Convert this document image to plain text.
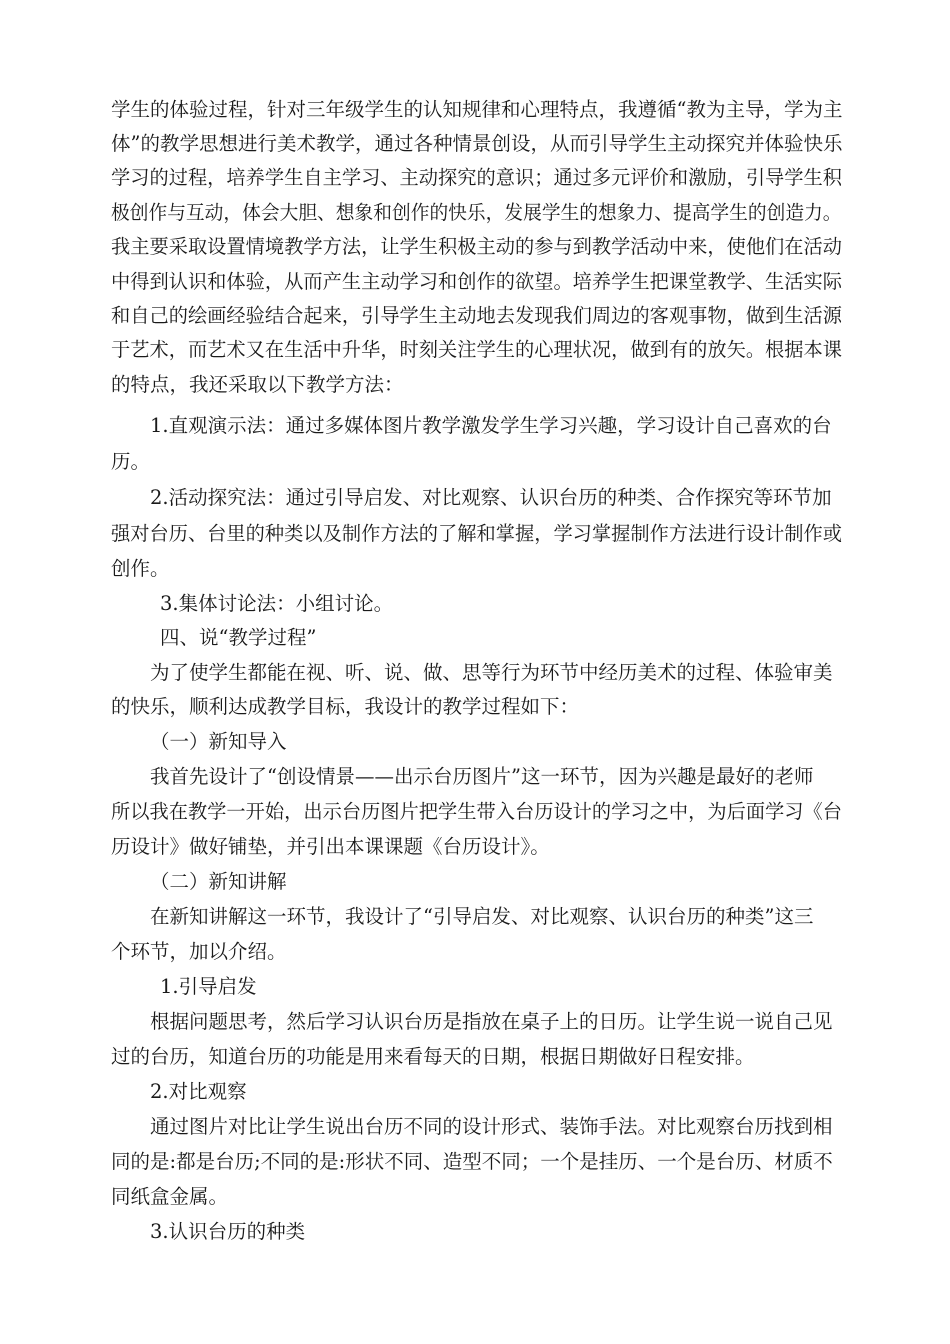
学生的体验过程，针对三年级学生的认知规律和心理特点，我遵循“教为主导，学为主

体”的教学思想进行美术教学，通过各种情景创设，从而引导学生主动探究并体验快乐

学习的过程，培养学生自主学习、主动探究的意识；通过多元评价和激励，引导学生积

极创作与互动，体会大胆、想象和创作的快乐，发展学生的想象力、提高学生的创造力。

我主要采取设置情境教学方法，让学生积极主动的参与到教学活动中来，使他们在活动

中得到认识和体验，从而产生主动学习和创作的欲望。培养学生把课堂教学、生活实际

和自己的绘画经验结合起来，引导学生主动地去发现我们周边的客观事物，做到生活源

于艺术，而艺术又在生活中升华，时刻关注学生的心理状况，做到有的放矢。根据本课

的特点，我还采取以下教学方法：

1.直观演示法：通过多媒体图片教学激发学生学习兴趣，学习设计自己喜欢的台

历。

2.活动探究法：通过引导启发、对比观察、认识台历的种类、合作探究等环节加

强对台历、台里的种类以及制作方法的了解和掌握，学习掌握制作方法进行设计制作或

创作。

3.集体讨论法：小组讨论。

四、说“教学过程”

为了使学生都能在视、听、说、做、思等行为环节中经历美术的过程、体验审美

的快乐，顺利达成教学目标，我设计的教学过程如下：

（一）新知导入

我首先设计了“创设情景——出示台历图片”这一环节，因为兴趣是最好的老师

所以我在教学一开始，出示台历图片把学生带入台历设计的学习之中，为后面学习《台

历设计》做好铺垫，并引出本课课题《台历设计》。

（二）新知讲解

在新知讲解这一环节，我设计了“引导启发、对比观察、认识台历的种类”这三

个环节，加以介绍。

1.引导启发

根据问题思考，然后学习认识台历是指放在桌子上的日历。让学生说一说自己见

过的台历，知道台历的功能是用来看每天的日期，根据日期做好日程安排。

2.对比观察

通过图片对比让学生说出台历不同的设计形式、装饰手法。对比观察台历找到相

同的是:都是台历;不同的是:形状不同、造型不同；一个是挂历、一个是台历、材质不

同纸盒金属。

3.认识台历的种类
